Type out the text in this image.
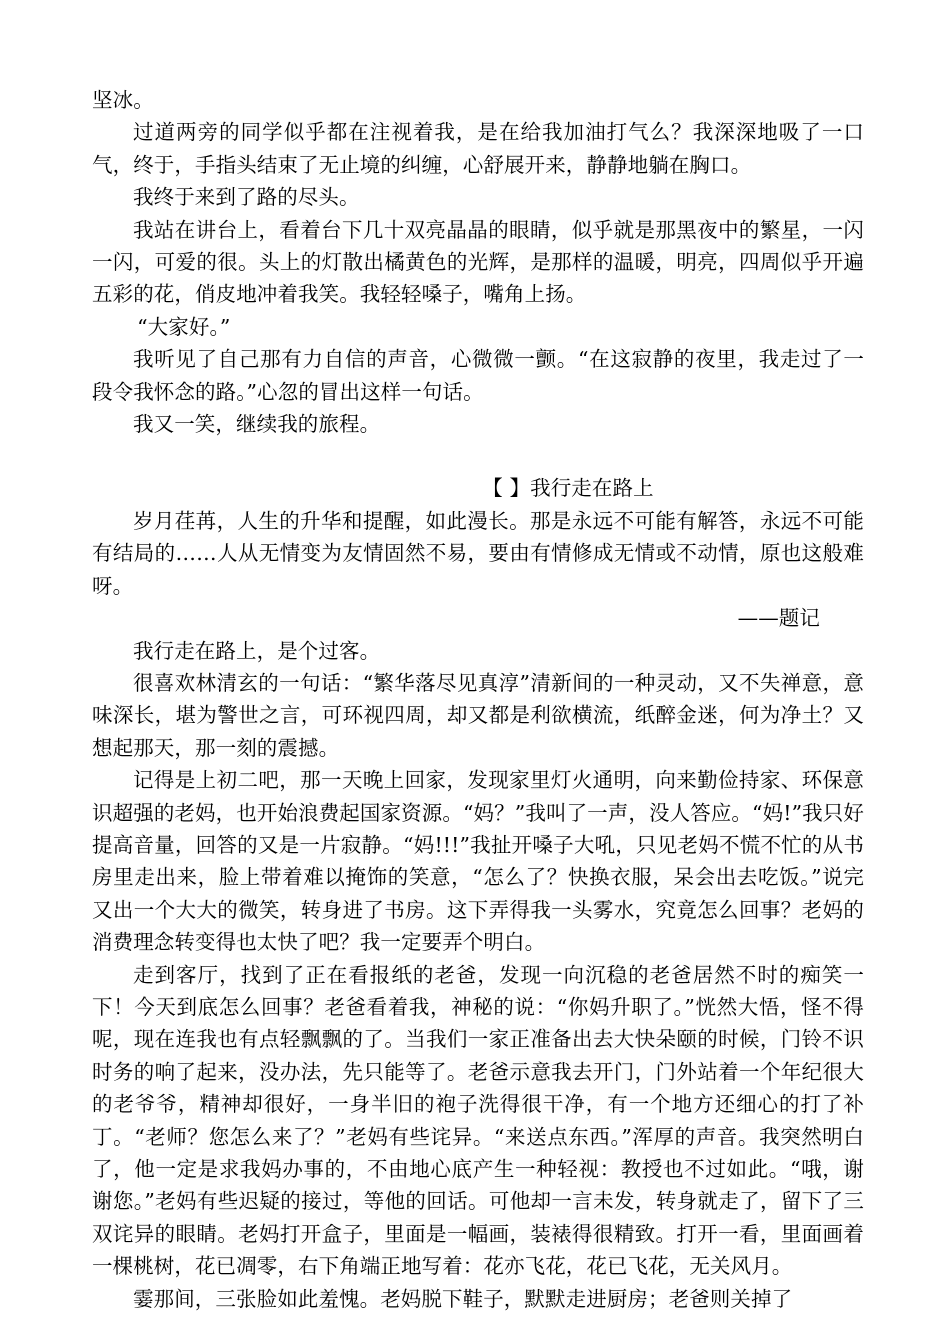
坚冰。

过道两旁的同学似乎都在注视着我，是在给我加油打气么？我深深地吸了一口气，终于，手指头结束了无止境的纠缠，心舒展开来，静静地躺在胸口。

我终于来到了路的尽头。

我站在讲台上，看着台下几十双亮晶晶的眼睛，似乎就是那黑夜中的繁星，一闪一闪，可爱的很。头上的灯散出橘黄色的光辉，是那样的温暖，明亮，四周似乎开遍五彩的花，俏皮地冲着我笑。我轻轻嗓子，嘴角上扬。

“大家好。”

我听见了自己那有力自信的声音，心微微一颤。“在这寂静的夜里，我走过了一段令我怀念的路。”心忽的冒出这样一句话。

我又一笑，继续我的旅程。

【 】我行走在路上

岁月荏苒，人生的升华和提醒，如此漫长。那是永远不可能有解答，永远不可能有结局的……人从无情变为友情固然不易，要由有情修成无情或不动情，原也这般难呀。

——题记

我行走在路上，是个过客。

很喜欢林清玄的一句话：“繁华落尽见真淳”清新间的一种灵动，又不失禅意，意味深长，堪为警世之言，可环视四周，却又都是利欲横流，纸醉金迷，何为净土？又想起那天，那一刻的震撼。

记得是上初二吧，那一天晚上回家，发现家里灯火通明，向来勤俭持家、环保意识超强的老妈，也开始浪费起国家资源。“妈？”我叫了一声，没人答应。“妈!”我只好提高音量，回答的又是一片寂静。“妈!!!”我扯开嗓子大吼，只见老妈不慌不忙的从书房里走出来，脸上带着难以掩饰的笑意，“怎么了？快换衣服，呆会出去吃饭。”说完又出一个大大的微笑，转身进了书房。这下弄得我一头雾水，究竟怎么回事？老妈的消费理念转变得也太快了吧？我一定要弄个明白。

走到客厅，找到了正在看报纸的老爸，发现一向沉稳的老爸居然不时的痴笑一下！今天到底怎么回事？老爸看着我，神秘的说：“你妈升职了。”恍然大悟，怪不得呢，现在连我也有点轻飘飘的了。当我们一家正准备出去大快朵颐的时候，门铃不识时务的响了起来，没办法，先只能等了。老爸示意我去开门，门外站着一个年纪很大的老爷爷，精神却很好，一身半旧的袍子洗得很干净，有一个地方还细心的打了补丁。“老师？您怎么来了？”老妈有些诧异。“来送点东西。”浑厚的声音。我突然明白了，他一定是求我妈办事的，不由地心底产生一种轻视：教授也不过如此。“哦，谢谢您。”老妈有些迟疑的接过，等他的回话。可他却一言未发，转身就走了，留下了三双诧异的眼睛。老妈打开盒子，里面是一幅画，装裱得很精致。打开一看，里面画着一棵桃树，花已凋零，右下角端正地写着：花亦飞花，花已飞花，无关风月。

霎那间，三张脸如此羞愧。老妈脱下鞋子，默默走进厨房；老爸则关掉了
